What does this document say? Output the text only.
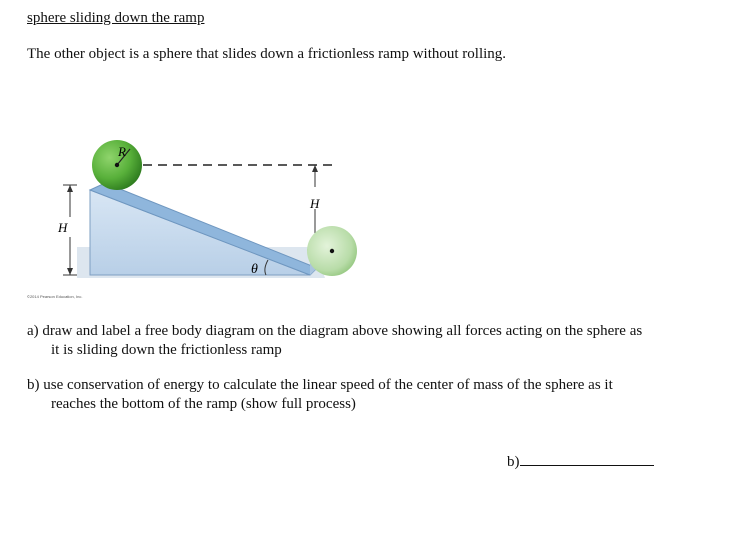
sphere sliding down the ramp
The other object is a sphere that slides down a frictionless ramp without rolling.
H
H
θ
R
©2014 Pearson Education, Inc.
a) draw and label a free body diagram on the diagram above showing all forces acting on the sphere as
it is sliding down the frictionless ramp
b) use conservation of energy to calculate the linear speed of the center of mass of the sphere as it
reaches the bottom of the ramp (show full process)
b)
